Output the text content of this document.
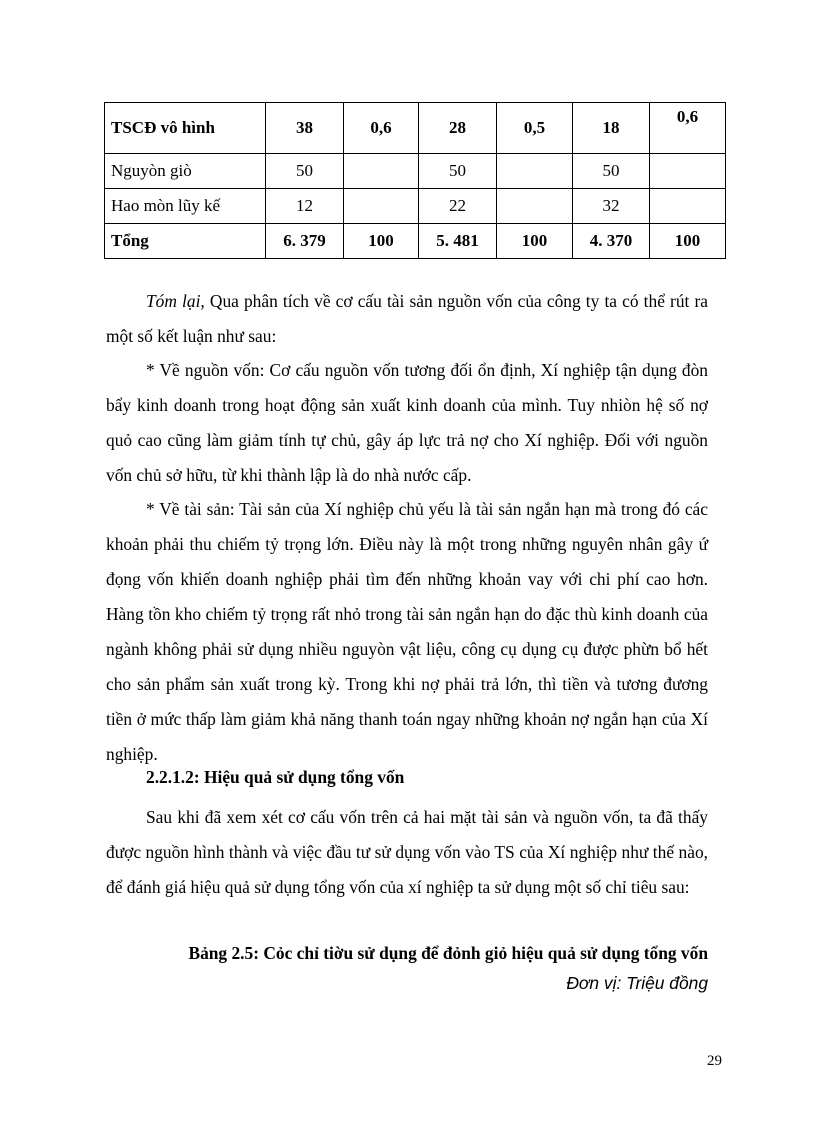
TSCĐ vô hình	38	0,6	28	0,5	18	0,6
Nguyòn giò	50		50		50	
Hao mòn lũy kế	12		22		32	
Tổng	6. 379	100	5. 481	100	4. 370	100

Tóm lại, Qua phân tích về cơ cấu tài sản nguồn vốn của công ty ta có thể rút ra một số kết luận như sau:

* Về nguồn vốn: Cơ cấu nguồn vốn tương đối ổn định, Xí nghiệp tận dụng đòn bẩy kinh doanh trong hoạt động sản xuất kinh doanh của mình. Tuy nhiòn hệ số nợ quỏ cao cũng làm giảm tính tự chủ, gây áp lực trả nợ cho Xí nghiệp. Đối với nguồn vốn chủ sở hữu, từ khi thành lập là do nhà nước cấp.

* Về tài sản: Tài sản của Xí nghiệp chủ yếu là tài sản ngắn hạn mà trong đó các khoản phải thu chiếm tỷ trọng lớn. Điều này là một trong những nguyên nhân gây ứ đọng vốn khiến doanh nghiệp phải tìm đến những khoản vay với chi phí cao hơn. Hàng tồn kho chiếm tỷ trọng rất nhỏ trong tài sản ngắn hạn do đặc thù kinh doanh của ngành không phải sử dụng nhiều nguyòn vật liệu, công cụ dụng cụ được phừn bổ hết cho sản phẩm sản xuất trong kỳ. Trong khi nợ phải trả lớn, thì tiền và tương đương tiền ở mức thấp làm giảm khả năng thanh toán ngay những khoản nợ ngắn hạn của Xí nghiệp.

2.2.1.2: Hiệu quả sử dụng tổng vốn

Sau khi đã xem xét cơ cấu vốn trên cả hai mặt tài sản và nguồn vốn, ta đã thấy được nguồn hình thành và việc đầu tư sử dụng vốn vào TS của Xí nghiệp như thế nào, để đánh giá hiệu quả sử dụng tổng vốn của xí nghiệp ta sử dụng một số chỉ tiêu sau:

Bảng 2.5: Cỏc chỉ tiờu sử dụng để đỏnh giỏ hiệu quả sử dụng tổng vốn
Đơn vị: Triệu đồng
29
